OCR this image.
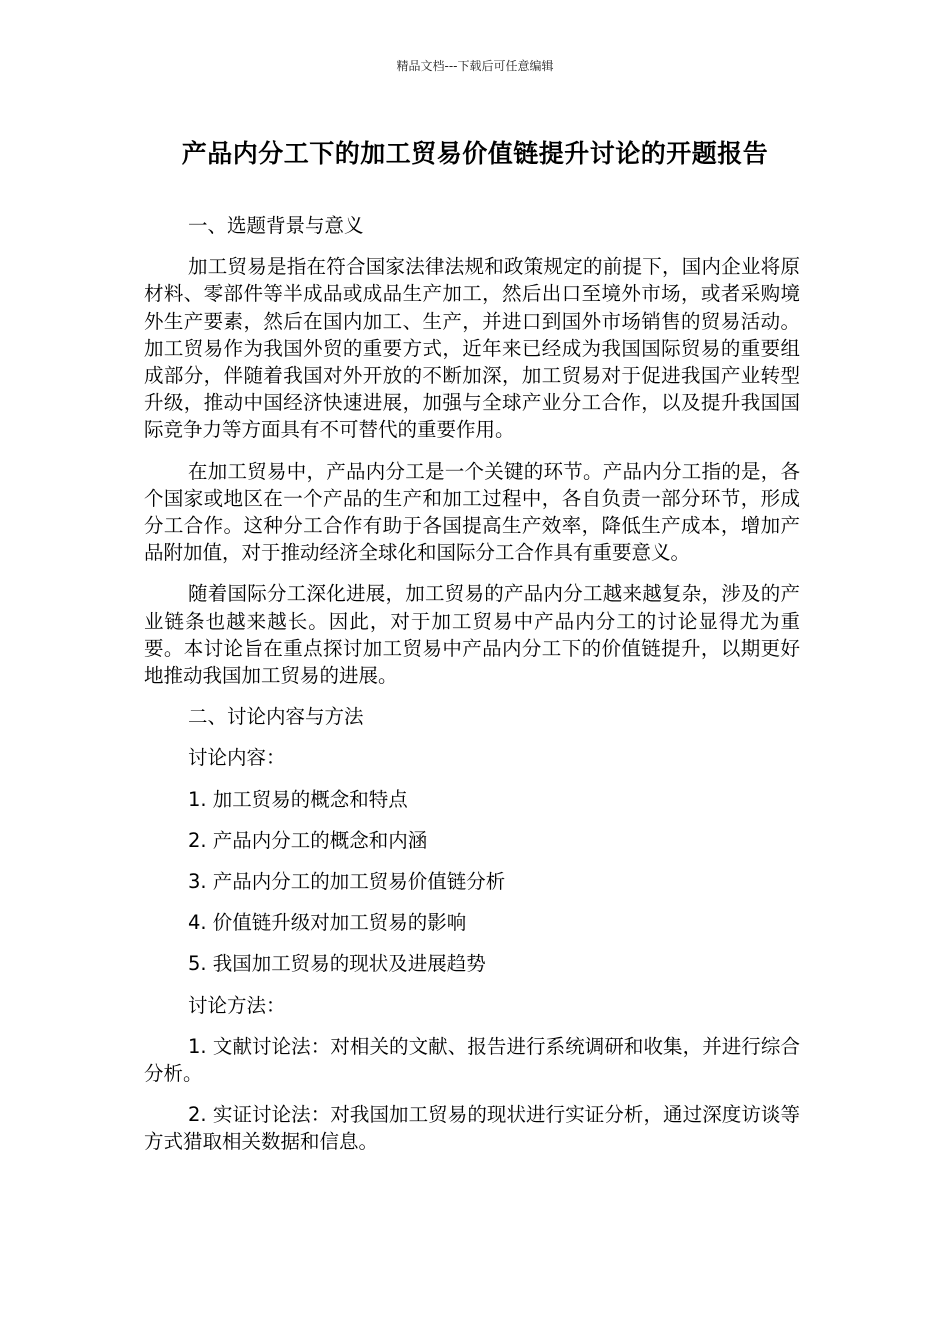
精品文档---下载后可任意编辑
产品内分工下的加工贸易价值链提升讨论的开题报告

一、选题背景与意义

加工贸易是指在符合国家法律法规和政策规定的前提下，国内企业将原材料、零部件等半成品或成品生产加工，然后出口至境外市场，或者采购境外生产要素，然后在国内加工、生产，并进口到国外市场销售的贸易活动。加工贸易作为我国外贸的重要方式，近年来已经成为我国国际贸易的重要组成部分，伴随着我国对外开放的不断加深，加工贸易对于促进我国产业转型升级，推动中国经济快速进展，加强与全球产业分工合作，以及提升我国国际竞争力等方面具有不可替代的重要作用。

在加工贸易中，产品内分工是一个关键的环节。产品内分工指的是，各个国家或地区在一个产品的生产和加工过程中，各自负责一部分环节，形成分工合作。这种分工合作有助于各国提高生产效率，降低生产成本，增加产品附加值，对于推动经济全球化和国际分工合作具有重要意义。

随着国际分工深化进展，加工贸易的产品内分工越来越复杂，涉及的产业链条也越来越长。因此，对于加工贸易中产品内分工的讨论显得尤为重要。本讨论旨在重点探讨加工贸易中产品内分工下的价值链提升，以期更好地推动我国加工贸易的进展。

二、讨论内容与方法

讨论内容：

1. 加工贸易的概念和特点

2. 产品内分工的概念和内涵

3. 产品内分工的加工贸易价值链分析

4. 价值链升级对加工贸易的影响

5. 我国加工贸易的现状及进展趋势

讨论方法：

1. 文献讨论法：对相关的文献、报告进行系统调研和收集，并进行综合分析。

2. 实证讨论法：对我国加工贸易的现状进行实证分析，通过深度访谈等方式猎取相关数据和信息。
